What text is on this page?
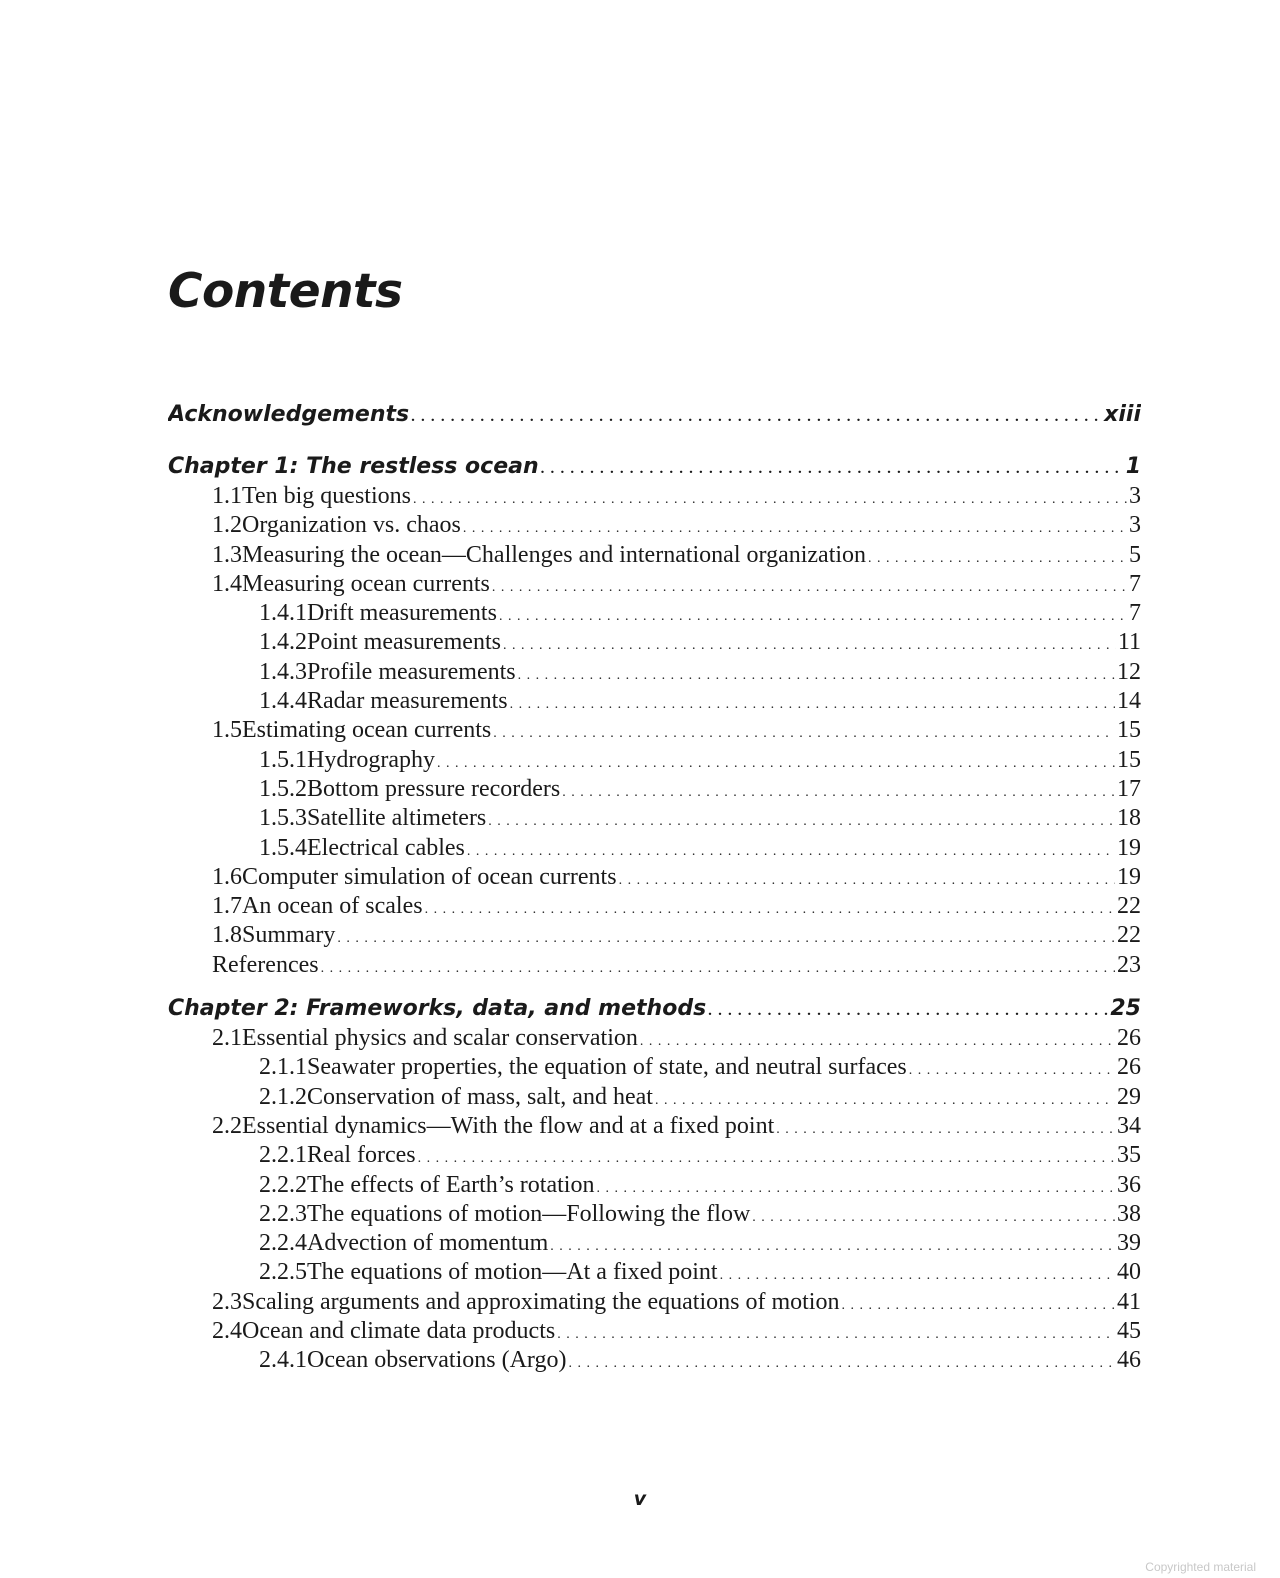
Contents
Acknowledgements . . .	xiii
Chapter 1: The restless ocean . . .	1
1.1 Ten big questions . . .	3
1.2 Organization vs. chaos . . .	3
1.3 Measuring the ocean—Challenges and international organization . . .	5
1.4 Measuring ocean currents . . .	7
1.4.1 Drift measurements . . .	7
1.4.2 Point measurements . . .	11
1.4.3 Profile measurements . . .	12
1.4.4 Radar measurements . . .	14
1.5 Estimating ocean currents . . .	15
1.5.1 Hydrography . . .	15
1.5.2 Bottom pressure recorders . . .	17
1.5.3 Satellite altimeters . . .	18
1.5.4 Electrical cables . . .	19
1.6 Computer simulation of ocean currents . . .	19
1.7 An ocean of scales . . .	22
1.8 Summary . . .	22
References . . .	23
Chapter 2: Frameworks, data, and methods . . .	25
2.1 Essential physics and scalar conservation . . .	26
2.1.1 Seawater properties, the equation of state, and neutral surfaces . . .	26
2.1.2 Conservation of mass, salt, and heat . . .	29
2.2 Essential dynamics—With the flow and at a fixed point . . .	34
2.2.1 Real forces . . .	35
2.2.2 The effects of Earth’s rotation . . .	36
2.2.3 The equations of motion—Following the flow . . .	38
2.2.4 Advection of momentum . . .	39
2.2.5 The equations of motion—At a fixed point . . .	40
2.3 Scaling arguments and approximating the equations of motion . . .	41
2.4 Ocean and climate data products . . .	45
2.4.1 Ocean observations (Argo) . . .	46
v
Copyrighted material
